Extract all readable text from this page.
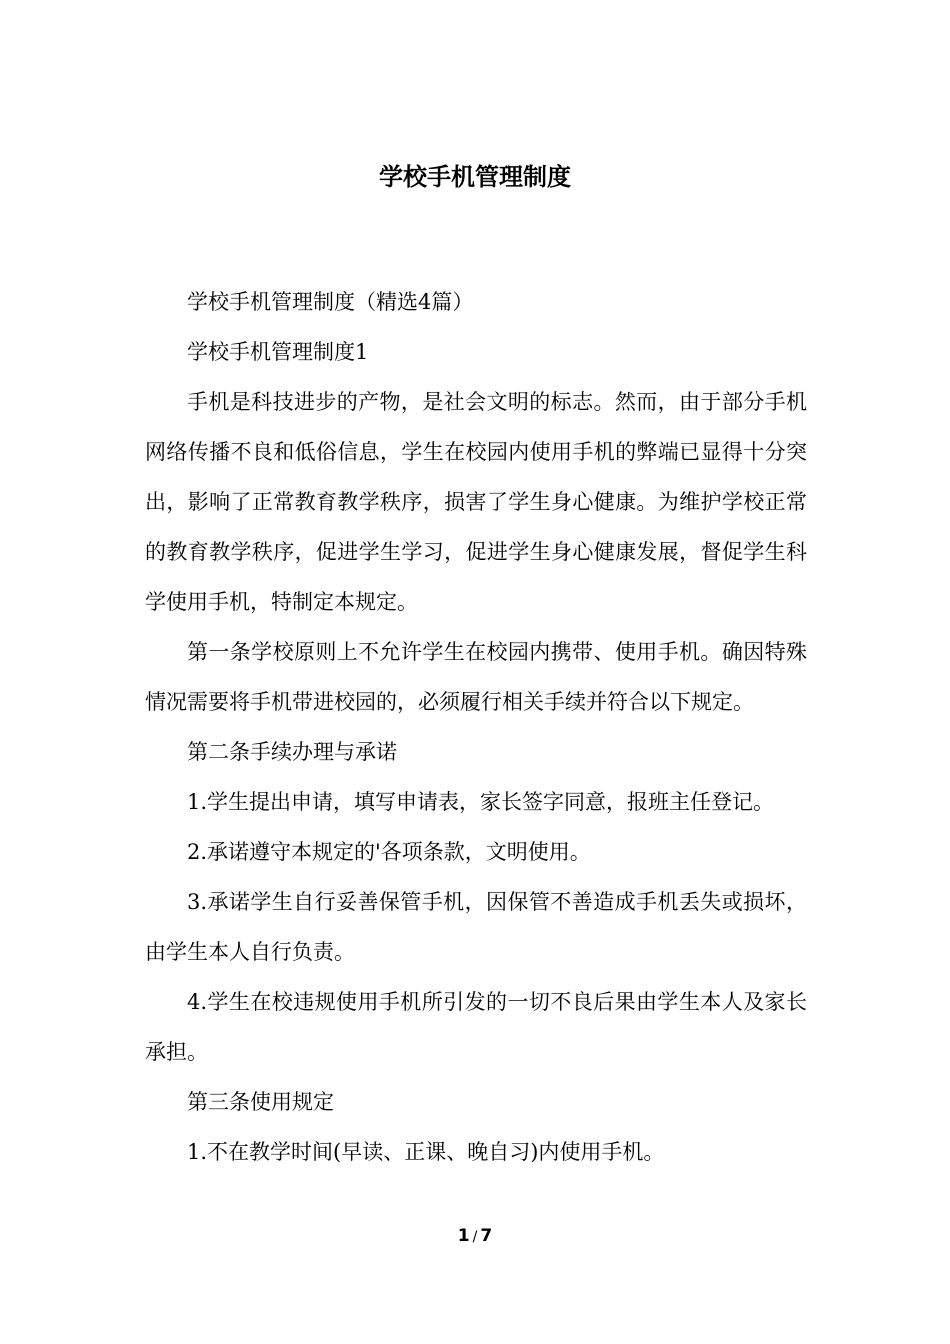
学校手机管理制度

学校手机管理制度（精选4篇）

学校手机管理制度1

手机是科技进步的产物，是社会文明的标志。然而，由于部分手机网络传播不良和低俗信息，学生在校园内使用手机的弊端已显得十分突出，影响了正常教育教学秩序，损害了学生身心健康。为维护学校正常的教育教学秩序，促进学生学习，促进学生身心健康发展，督促学生科学使用手机，特制定本规定。

第一条学校原则上不允许学生在校园内携带、使用手机。确因特殊情况需要将手机带进校园的，必须履行相关手续并符合以下规定。

第二条手续办理与承诺

1.学生提出申请，填写申请表，家长签字同意，报班主任登记。

2.承诺遵守本规定的'各项条款，文明使用。

3.承诺学生自行妥善保管手机，因保管不善造成手机丢失或损坏，由学生本人自行负责。

4.学生在校违规使用手机所引发的一切不良后果由学生本人及家长承担。

第三条使用规定

1.不在教学时间(早读、正课、晚自习)内使用手机。

1 / 7
